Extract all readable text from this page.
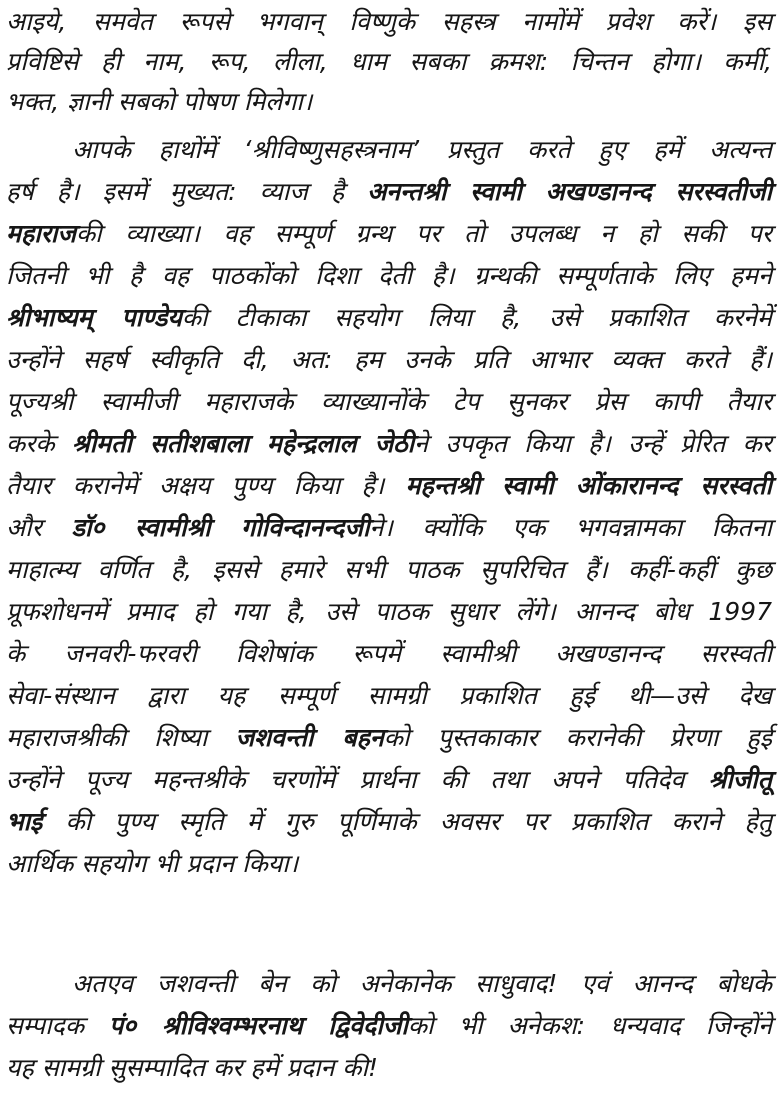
आइये, समवेत रूपसे भगवान् विष्णुके सहस्त्र नामोंमें प्रवेश करें। इस
प्रविष्टिसे ही नाम, रूप, लीला, धाम सबका क्रमश: चिन्तन होगा। कर्मी,
भक्त, ज्ञानी सबको पोषण मिलेगा।
आपके हाथोंमें ‘श्रीविष्णुसहस्त्रनाम’ प्रस्तुत करते हुए हमें अत्यन्त
हर्ष है। इसमें मुख्यत: व्याज है अनन्तश्री स्वामी अखण्डानन्द सरस्वतीजी
महाराजकी व्याख्या। वह सम्पूर्ण ग्रन्थ पर तो उपलब्ध न हो सकी पर
जितनी भी है वह पाठकोंको दिशा देती है। ग्रन्थकी सम्पूर्णताके लिए हमने
श्रीभाष्यम् पाण्डेयकी टीकाका सहयोग लिया है, उसे प्रकाशित करनेमें
उन्होंने सहर्ष स्वीकृति दी, अत: हम उनके प्रति आभार व्यक्त करते हैं।
पूज्यश्री स्वामीजी महाराजके व्याख्यानोंके टेप सुनकर प्रेस कापी तैयार
करके श्रीमती सतीशबाला महेन्द्रलाल जेठीने उपकृत किया है। उन्हें प्रेरित कर
तैयार करानेमें अक्षय पुण्य किया है। महन्तश्री स्वामी ओंकारानन्द सरस्वती
और डॉ० स्वामीश्री गोविन्दानन्दजीने। क्योंकि एक भगवन्नामका कितना
माहात्म्य वर्णित है, इससे हमारे सभी पाठक सुपरिचित हैं। कहीं-कहीं कुछ
प्रूफशोधनमें प्रमाद हो गया है, उसे पाठक सुधार लेंगे। आनन्द बोध 1997
के जनवरी-फरवरी विशेषांक रूपमें स्वामीश्री अखण्डानन्द सरस्वती
सेवा-संस्थान द्वारा यह सम्पूर्ण सामग्री प्रकाशित हुई थी—उसे देख
महाराजश्रीकी शिष्या जशवन्ती बहनको पुस्तकाकार करानेकी प्रेरणा हुई
उन्होंने पूज्य महन्तश्रीके चरणोंमें प्रार्थना की तथा अपने पतिदेव श्रीजीतू
भाई की पुण्य स्मृति में गुरु पूर्णिमाके अवसर पर प्रकाशित कराने हेतु
आर्थिक सहयोग भी प्रदान किया।
अतएव जशवन्ती बेन को अनेकानेक साधुवाद! एवं आनन्द बोधके
सम्पादक पं० श्रीविश्वम्भरनाथ द्विवेदीजीको भी अनेकश: धन्यवाद जिन्होंने
यह सामग्री सुसम्पादित कर हमें प्रदान की!
